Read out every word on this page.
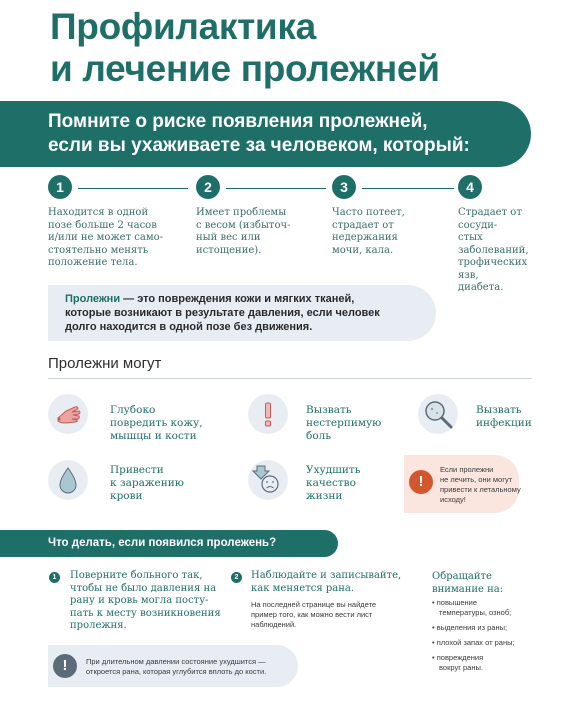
Профилактика
и лечение пролежней
Помните о риске появления пролежней,
если вы ухаживаете за человеком, который:
1
Находится в одной
позе больше 2 часов
и/или не может само-
стоятельно менять
положение тела.
2
Имеет проблемы
с весом (избыточ-
ный вес или
истощение).
3
Часто потеет,
страдает от
недержания
мочи, кала.
4
Страдает от сосуди-
стых заболеваний,
трофических язв,
диабета.
Пролежни — это повреждения кожи и мягких тканей,
которые возникают в результате давления, если человек
долго находится в одной позе без движения.
Пролежни могут
Глубоко
повредить кожу,
мышцы и кости
Вызвать
нестерпимую
боль
Вызвать
инфекции
Привести
к заражению
крови
Ухудшить
качество
жизни
!
Если пролежни
не лечить, они могут
привести к летальному
исходу!
Что делать, если появился пролежень?
1	Поверните больного так,
чтобы не было давления на
рану и кровь могла посту-
пать к месту возникновения
пролежня.
2	Наблюдайте и записывайте,
как меняется рана.
На последней странице вы найдете
пример того, как можно вести лист
наблюдений.
Обращайте
внимание на:
• повышение
температуры, озноб;
• выделения из раны;
• плохой запах от раны;
• повреждения
вокруг раны.
!	При длительном давлении состояние ухудшится —
откроется рана, которая углубится вплоть до кости.
